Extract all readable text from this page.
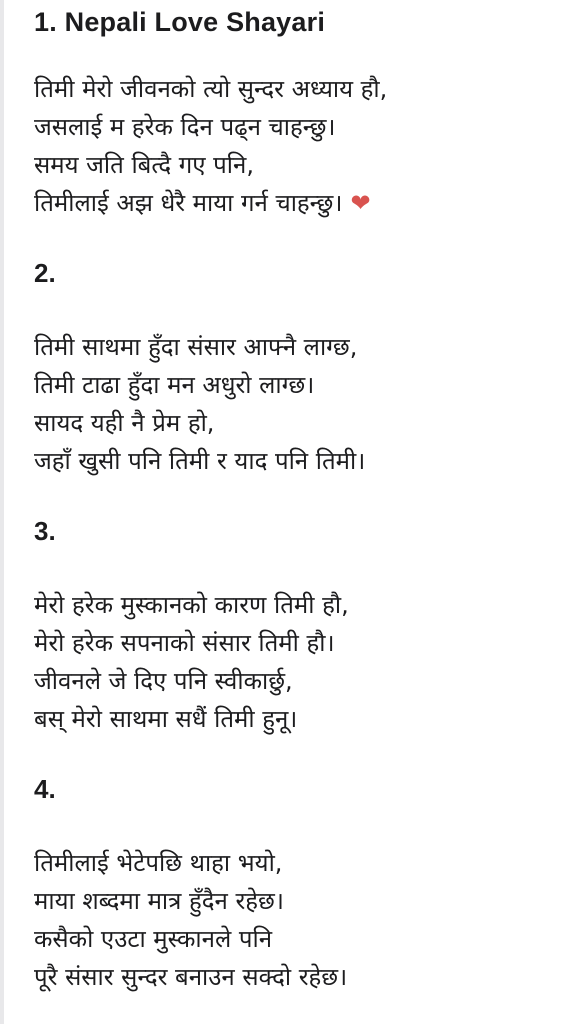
1. Nepali Love Shayari
तिमी मेरो जीवनको त्यो सुन्दर अध्याय हौ,
जसलाई म हरेक दिन पढ्न चाहन्छु।
समय जति बित्दै गए पनि,
तिमीलाई अझ धेरै माया गर्न चाहन्छु। ❤
2.
तिमी साथमा हुँदा संसार आफ्नै लाग्छ,
तिमी टाढा हुँदा मन अधुरो लाग्छ।
सायद यही नै प्रेम हो,
जहाँ खुसी पनि तिमी र याद पनि तिमी।
3.
मेरो हरेक मुस्कानको कारण तिमी हौ,
मेरो हरेक सपनाको संसार तिमी हौ।
जीवनले जे दिए पनि स्वीकार्छु,
बस् मेरो साथमा सधैं तिमी हुनू।
4.
तिमीलाई भेटेपछि थाहा भयो,
माया शब्दमा मात्र हुँदैन रहेछ।
कसैको एउटा मुस्कानले पनि
पूरै संसार सुन्दर बनाउन सक्दो रहेछ।
